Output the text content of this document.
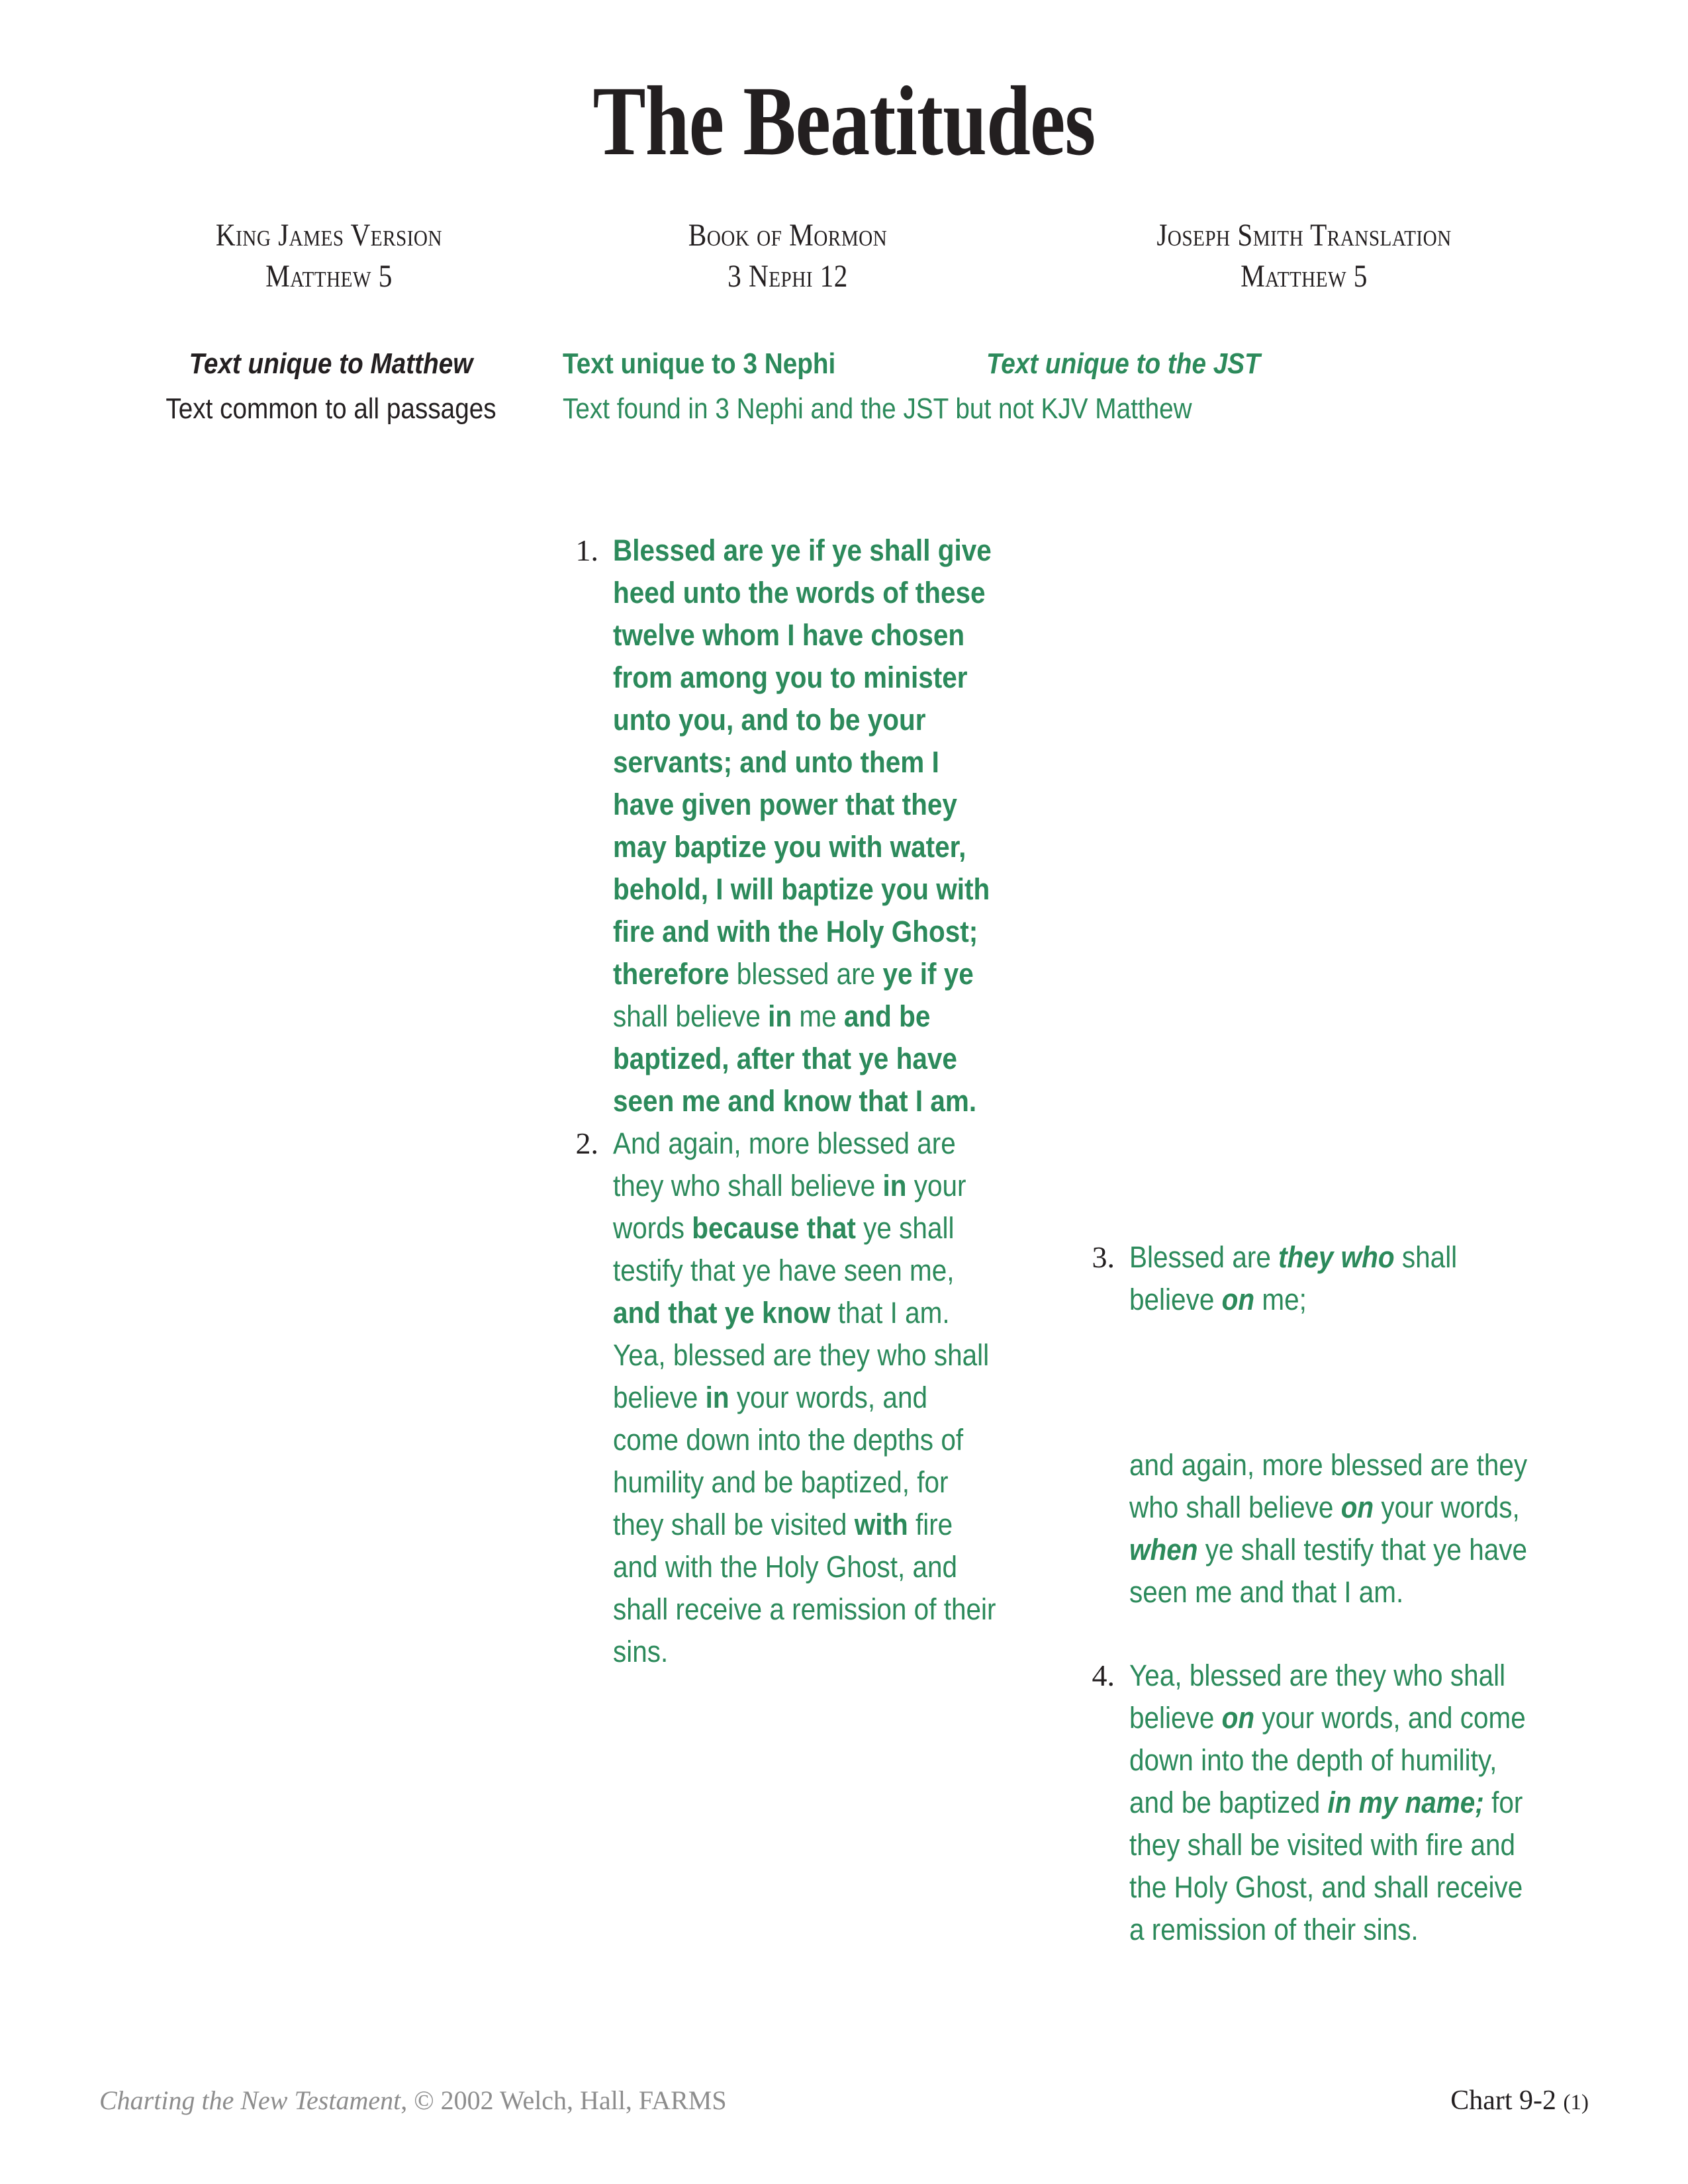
The Beatitudes
King James Version
Matthew 5
Book of Mormon
3 Nephi 12
Joseph Smith Translation
Matthew 5
Text unique to Matthew	Text unique to 3 Nephi	Text unique to the JST
Text common to all passages	Text found in 3 Nephi and the JST but not KJV Matthew
1. Blessed are ye if ye shall give heed unto the words of these twelve whom I have chosen from among you to minister unto you, and to be your servants; and unto them I have given power that they may baptize you with water, behold, I will baptize you with fire and with the Holy Ghost; therefore blessed are ye if ye shall believe in me and be baptized, after that ye have seen me and know that I am.
2. And again, more blessed are they who shall believe in your words because that ye shall testify that ye have seen me, and that ye know that I am.
Yea, blessed are they who shall believe in your words, and come down into the depths of humility and be baptized, for they shall be visited with fire and with the Holy Ghost, and shall receive a remission of their sins.
3. Blessed are they who shall believe on me;
and again, more blessed are they who shall believe on your words, when ye shall testify that ye have seen me and that I am.
4. Yea, blessed are they who shall believe on your words, and come down into the depth of humility, and be baptized in my name; for they shall be visited with fire and the Holy Ghost, and shall receive a remission of their sins.
Charting the New Testament, © 2002 Welch, Hall, FARMS	Chart 9-2 (1)
